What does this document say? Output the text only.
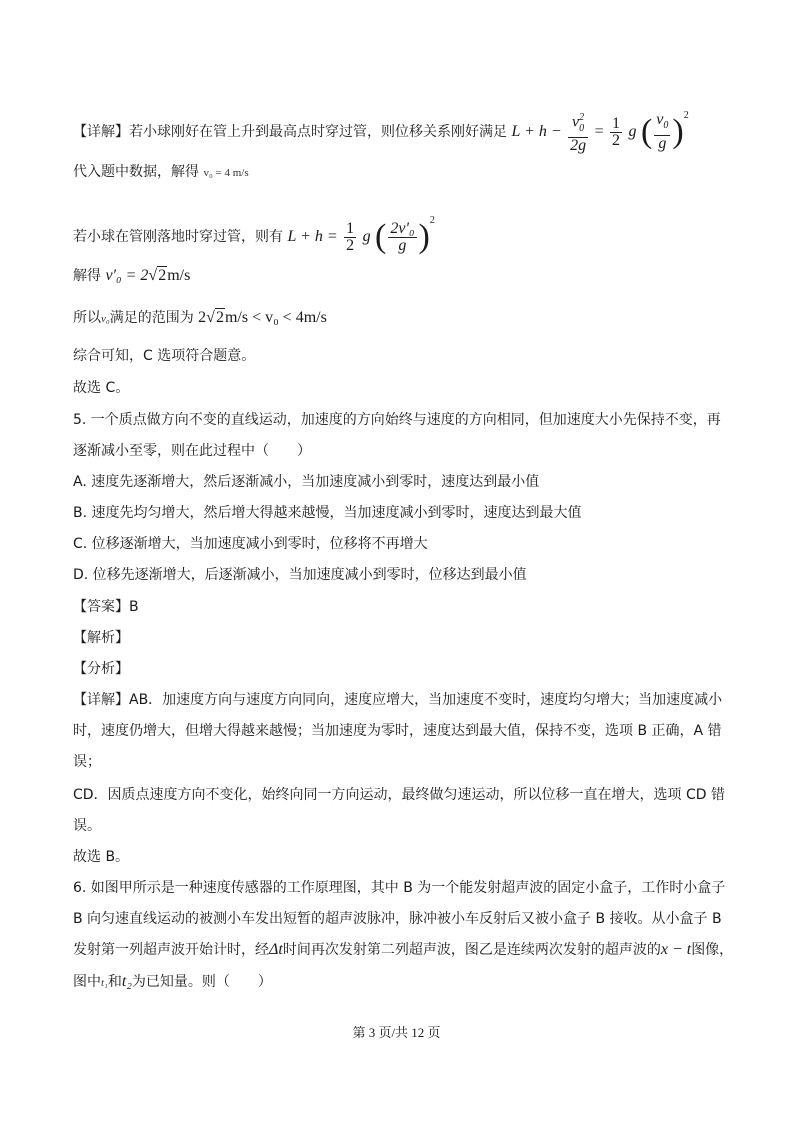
【详解】若小球刚好在管上升到最高点时穿过管，则位移关系刚好满足 $L + h - \frac{v^2_0}{2g} = \frac{1}{2}$ g ( $\frac{v_0}{g} )^2$
代入题中数据，解得 v₀ = 4 m/s
若小球在管刚落地时穿过管，则有 $L + h = \frac{1}{2}$ g ( $\frac{\text{2v′₀}}{g} )^2$
解得 v′₀ = 2√2m/s
所以v₀满足的范围为 2√2m/s < v₀ < 4m/s
综合可知，C 选项符合题意。
故选 C。
5. 一个质点做方向不变的直线运动，加速度的方向始终与速度的方向相同，但加速度大小先保持不变，再
逐渐减小至零，则在此过程中（　　）
A. 速度先逐渐增大，然后逐渐减小，当加速度减小到零时，速度达到最小值
B. 速度先均匀增大，然后增大得越来越慢，当加速度减小到零时，速度达到最大值
C. 位移逐渐增大，当加速度减小到零时，位移将不再增大
D. 位移先逐渐增大，后逐渐减小，当加速度减小到零时，位移达到最小值
【答案】B
【解析】
【分析】
【详解】AB．加速度方向与速度方向同向，速度应增大，当加速度不变时，速度均匀增大；当加速度减小
时，速度仍增大，但增大得越来越慢；当加速度为零时，速度达到最大值，保持不变，选项 B 正确，A 错
误；
CD．因质点速度方向不变化，始终向同一方向运动，最终做匀速运动，所以位移一直在增大，选项 CD 错
误。
故选 B。
6. 如图甲所示是一种速度传感器的工作原理图，其中 B 为一个能发射超声波的固定小盒子，工作时小盒子
B 向匀速直线运动的被测小车发出短暂的超声波脉冲，脉冲被小车反射后又被小盒子 B 接收。从小盒子 B
发射第一列超声波开始计时，经Δt时间再次发射第二列超声波，图乙是连续两次发射的超声波的x − t图像，
图中t₁和t₂为已知量。则（　　）
第 3 页/共 12 页
